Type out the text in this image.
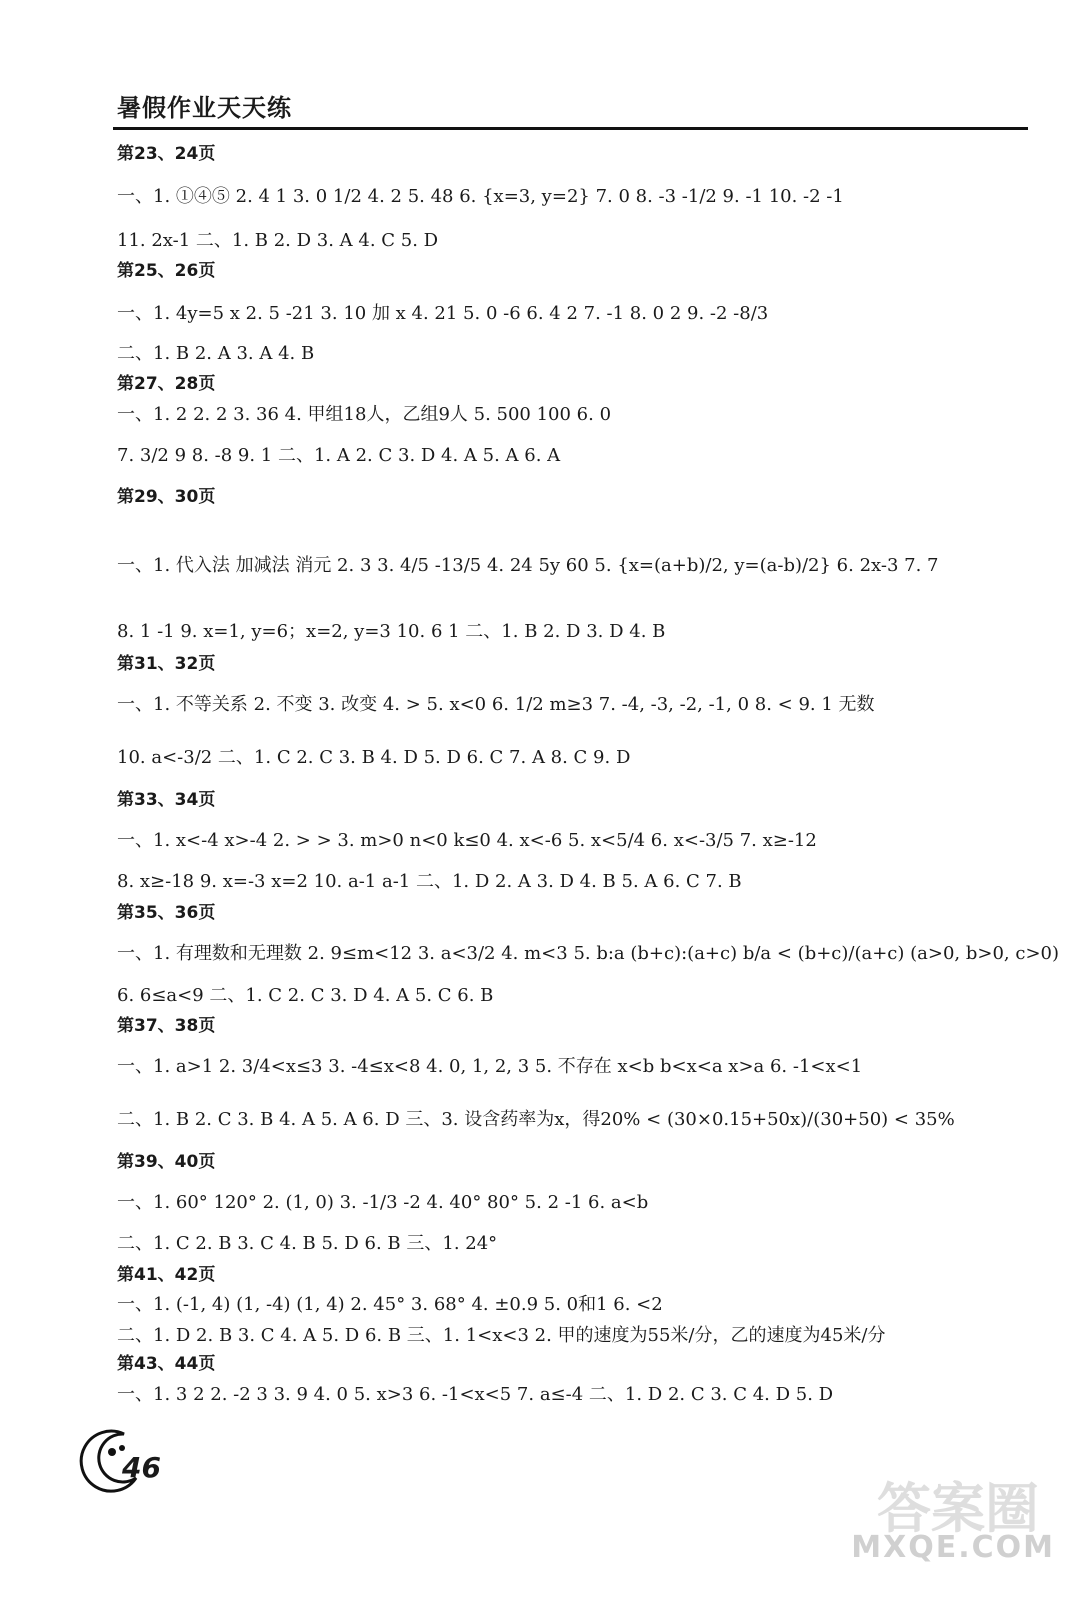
暑假作业天天练
第23、24页
一、1. ①④⑤ 2. 4 1 3. 0 1/2 4. 2 5. 48 6. {x=3, y=2} 7. 0 8. -3 -1/2 9. -1 10. -2 -1
11. 2x-1 二、1. B 2. D 3. A 4. C 5. D
第25、26页
一、1. 4y=5 x 2. 5 -21 3. 10 加 x 4. 21 5. 0 -6 6. 4 2 7. -1 8. 0 2 9. -2 -8/3
二、1. B 2. A 3. A 4. B
第27、28页
一、1. 2 2. 2 3. 36 4. 甲组18人，乙组9人 5. 500 100 6. 0
7. 3/2 9 8. -8 9. 1 二、1. A 2. C 3. D 4. A 5. A 6. A
第29、30页
一、1. 代入法 加减法 消元 2. 3 3. 4/5 -13/5 4. 24 5y 60 5. {x=(a+b)/2, y=(a-b)/2} 6. 2x-3 7. 7
8. 1 -1 9. x=1, y=6；x=2, y=3 10. 6 1 二、1. B 2. D 3. D 4. B
第31、32页
一、1. 不等关系 2. 不变 3. 改变 4. > 5. x<0 6. 1/2 m≥3 7. -4, -3, -2, -1, 0 8. < 9. 1 无数
10. a<-3/2 二、1. C 2. C 3. B 4. D 5. D 6. C 7. A 8. C 9. D
第33、34页
一、1. x<-4 x>-4 2. > > 3. m>0 n<0 k≤0 4. x<-6 5. x<5/4 6. x<-3/5 7. x≥-12
8. x≥-18 9. x=-3 x=2 10. a-1 a-1 二、1. D 2. A 3. D 4. B 5. A 6. C 7. B
第35、36页
一、1. 有理数和无理数 2. 9≤m<12 3. a<3/2 4. m<3 5. b:a (b+c):(a+c) b/a < (b+c)/(a+c) (a>0, b>0, c>0)
6. 6≤a<9 二、1. C 2. C 3. D 4. A 5. C 6. B
第37、38页
一、1. a>1 2. 3/4<x≤3 3. -4≤x<8 4. 0, 1, 2, 3 5. 不存在 x<b b<x<a x>a 6. -1<x<1
二、1. B 2. C 3. B 4. A 5. A 6. D 三、3. 设含药率为x，得20% < (30×0.15+50x)/(30+50) < 35%
第39、40页
一、1. 60° 120° 2. (1, 0) 3. -1/3 -2 4. 40° 80° 5. 2 -1 6. a<b
二、1. C 2. B 3. C 4. B 5. D 6. B 三、1. 24°
第41、42页
一、1. (-1, 4) (1, -4) (1, 4) 2. 45° 3. 68° 4. ±0.9 5. 0和1 6. <2
二、1. D 2. B 3. C 4. A 5. D 6. B 三、1. 1<x<3 2. 甲的速度为55米/分，乙的速度为45米/分
第43、44页
一、1. 3 2 2. -2 3 3. 9 4. 0 5. x>3 6. -1<x<5 7. a≤-4 二、1. D 2. C 3. C 4. D 5. D
46
答案圈
MXQE.COM
